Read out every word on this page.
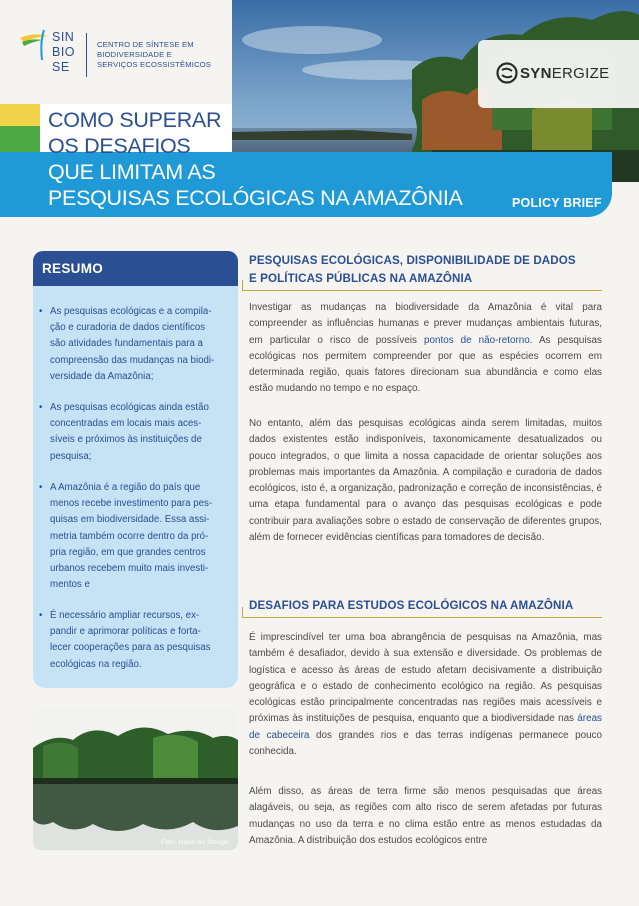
SIN
BIO
SE
CENTRO DE SÍNTESE EM
BIODIVERSIDADE E
SERVIÇOS ECOSSISTÊMICOS
SYNERGIZE
COMO SUPERAR
OS DESAFIOS
QUE LIMITAM AS
PESQUISAS ECOLÓGICAS NA AMAZÔNIA	POLICY BRIEF
RESUMO
• As pesquisas ecológicas e a compila-
ção e curadoria de dados científicos
são atividades fundamentais para a
compreensão das mudanças na biodi-
versidade da Amazônia;
• As pesquisas ecológicas ainda estão
concentradas em locais mais aces-
síveis e próximos às instituições de
pesquisa;
• A Amazônia é a região do país que
menos recebe investimento para pes-
quisas em biodiversidade. Essa assi-
metria também ocorre dentro da pró-
pria região, em que grandes centros
urbanos recebem muito mais investi-
mentos e
• É necessário ampliar recursos, ex-
pandir e aprimorar políticas e forta-
lecer cooperações para as pesquisas
ecológicas na região.
Foto: Hans ter Steege
PESQUISAS ECOLÓGICAS, DISPONIBILIDADE DE DADOS
E POLÍTICAS PÚBLICAS NA AMAZÔNIA
Investigar as mudanças na biodiversidade da Amazônia é vital para compreender as influências humanas e prever mudanças ambientais futuras, em particular o risco de possíveis pontos de não-retorno. As pesquisas ecológicas nos permitem compreender por que as espécies ocorrem em determinada região, quais fatores direcionam sua abundância e como elas estão mudando no tempo e no espaço.
No entanto, além das pesquisas ecológicas ainda serem limitadas, muitos dados existentes estão indisponíveis, taxonomicamente desatualizados ou pouco integrados, o que limita a nossa capacidade de orientar soluções aos problemas mais importantes da Amazônia. A compilação e curadoria de dados ecológicos, isto é, a organização, padronização e correção de inconsistências, é uma etapa fundamental para o avanço das pesquisas ecológicas e pode contribuir para avaliações sobre o estado de conservação de diferentes grupos, além de fornecer evidências científicas para tomadores de decisão.
DESAFIOS PARA ESTUDOS ECOLÓGICOS NA AMAZÔNIA
É imprescindível ter uma boa abrangência de pesquisas na Amazônia, mas também é desafiador, devido à sua extensão e diversidade. Os problemas de logística e acesso às áreas de estudo afetam decisivamente a distribuição geográfica e o estado de conhecimento ecológico na região. As pesquisas ecológicas estão principalmente concentradas nas regiões mais acessíveis e próximas às instituições de pesquisa, enquanto que a biodiversidade nas áreas de cabeceira dos grandes rios e das terras indígenas permanece pouco conhecida.
Além disso, as áreas de terra firme são menos pesquisadas que áreas alagáveis, ou seja, as regiões com alto risco de serem afetadas por futuras mudanças no uso da terra e no clima estão entre as menos estudadas da Amazônia. A distribuição dos estudos ecológicos entre
